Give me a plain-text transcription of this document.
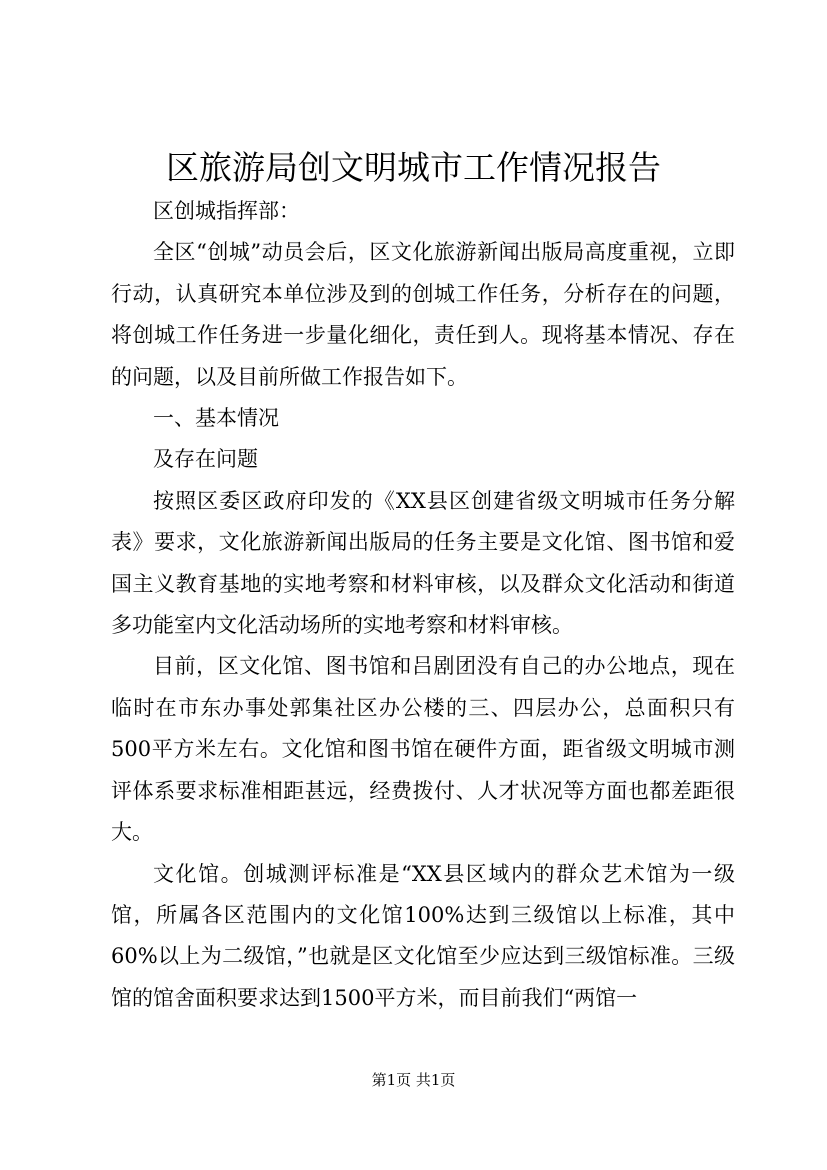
区旅游局创文明城市工作情况报告

区创城指挥部：

全区“创城”动员会后，区文化旅游新闻出版局高度重视，立即行动，认真研究本单位涉及到的创城工作任务，分析存在的问题，将创城工作任务进一步量化细化，责任到人。现将基本情况、存在的问题，以及目前所做工作报告如下。

一、基本情况

及存在问题

按照区委区政府印发的《XX县区创建省级文明城市任务分解表》要求，文化旅游新闻出版局的任务主要是文化馆、图书馆和爱国主义教育基地的实地考察和材料审核，以及群众文化活动和街道多功能室内文化活动场所的实地考察和材料审核。

目前，区文化馆、图书馆和吕剧团没有自己的办公地点，现在临时在市东办事处郭集社区办公楼的三、四层办公，总面积只有500平方米左右。文化馆和图书馆在硬件方面，距省级文明城市测评体系要求标准相距甚远，经费拨付、人才状况等方面也都差距很大。

文化馆。创城测评标准是“XX县区域内的群众艺术馆为一级馆，所属各区范围内的文化馆100%达到三级馆以上标准，其中60%以上为二级馆，”也就是区文化馆至少应达到三级馆标准。三级馆的馆舍面积要求达到1500平方米，而目前我们“两馆一

第1页 共1页
